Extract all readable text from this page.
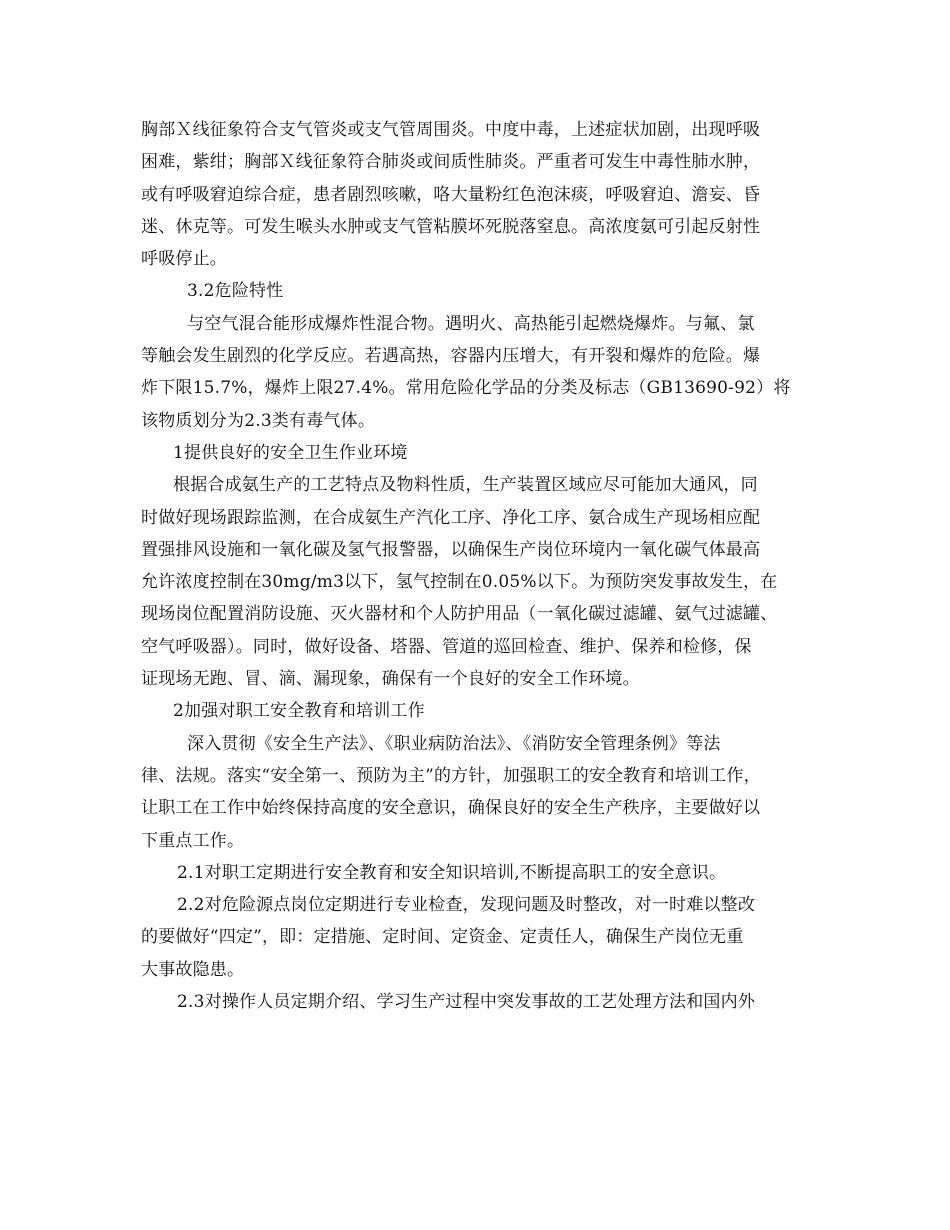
胸部Ｘ线征象符合支气管炎或支气管周围炎。中度中毒，上述症状加剧，出现呼吸
困难，紫绀；胸部Ｘ线征象符合肺炎或间质性肺炎。严重者可发生中毒性肺水肿，
或有呼吸窘迫综合症，患者剧烈咳嗽，咯大量粉红色泡沫痰，呼吸窘迫、澹妄、昏
迷、休克等。可发生喉头水肿或支气管粘膜坏死脱落窒息。高浓度氨可引起反射性
呼吸停止。
3.2危险特性
与空气混合能形成爆炸性混合物。遇明火、高热能引起燃烧爆炸。与氟、氯
等触会发生剧烈的化学反应。若遇高热，容器内压增大，有开裂和爆炸的危险。爆
炸下限15.7%，爆炸上限27.4%。常用危险化学品的分类及标志（GB13690-92）将
该物质划分为2.3类有毒气体。
1提供良好的安全卫生作业环境
根据合成氨生产的工艺特点及物料性质，生产装置区域应尽可能加大通风，同
时做好现场跟踪监测，在合成氨生产汽化工序、净化工序、氨合成生产现场相应配
置强排风设施和一氧化碳及氢气报警器，以确保生产岗位环境内一氧化碳气体最高
允许浓度控制在30mg/m3以下，氢气控制在0.05%以下。为预防突发事故发生，在
现场岗位配置消防设施、灭火器材和个人防护用品（一氧化碳过滤罐、氨气过滤罐、
空气呼吸器）。同时，做好设备、塔器、管道的巡回检查、维护、保养和检修，保
证现场无跑、冒、滴、漏现象，确保有一个良好的安全工作环境。
2加强对职工安全教育和培训工作
深入贯彻《安全生产法》、《职业病防治法》、《消防安全管理条例》等法
律、法规。落实“安全第一、预防为主”的方针，加强职工的安全教育和培训工作，
让职工在工作中始终保持高度的安全意识，确保良好的安全生产秩序，主要做好以
下重点工作。
2.1对职工定期进行安全教育和安全知识培训,不断提高职工的安全意识。
2.2对危险源点岗位定期进行专业检查，发现问题及时整改，对一时难以整改
的要做好“四定”，即：定措施、定时间、定资金、定责任人，确保生产岗位无重
大事故隐患。
2.3对操作人员定期介绍、学习生产过程中突发事故的工艺处理方法和国内外
